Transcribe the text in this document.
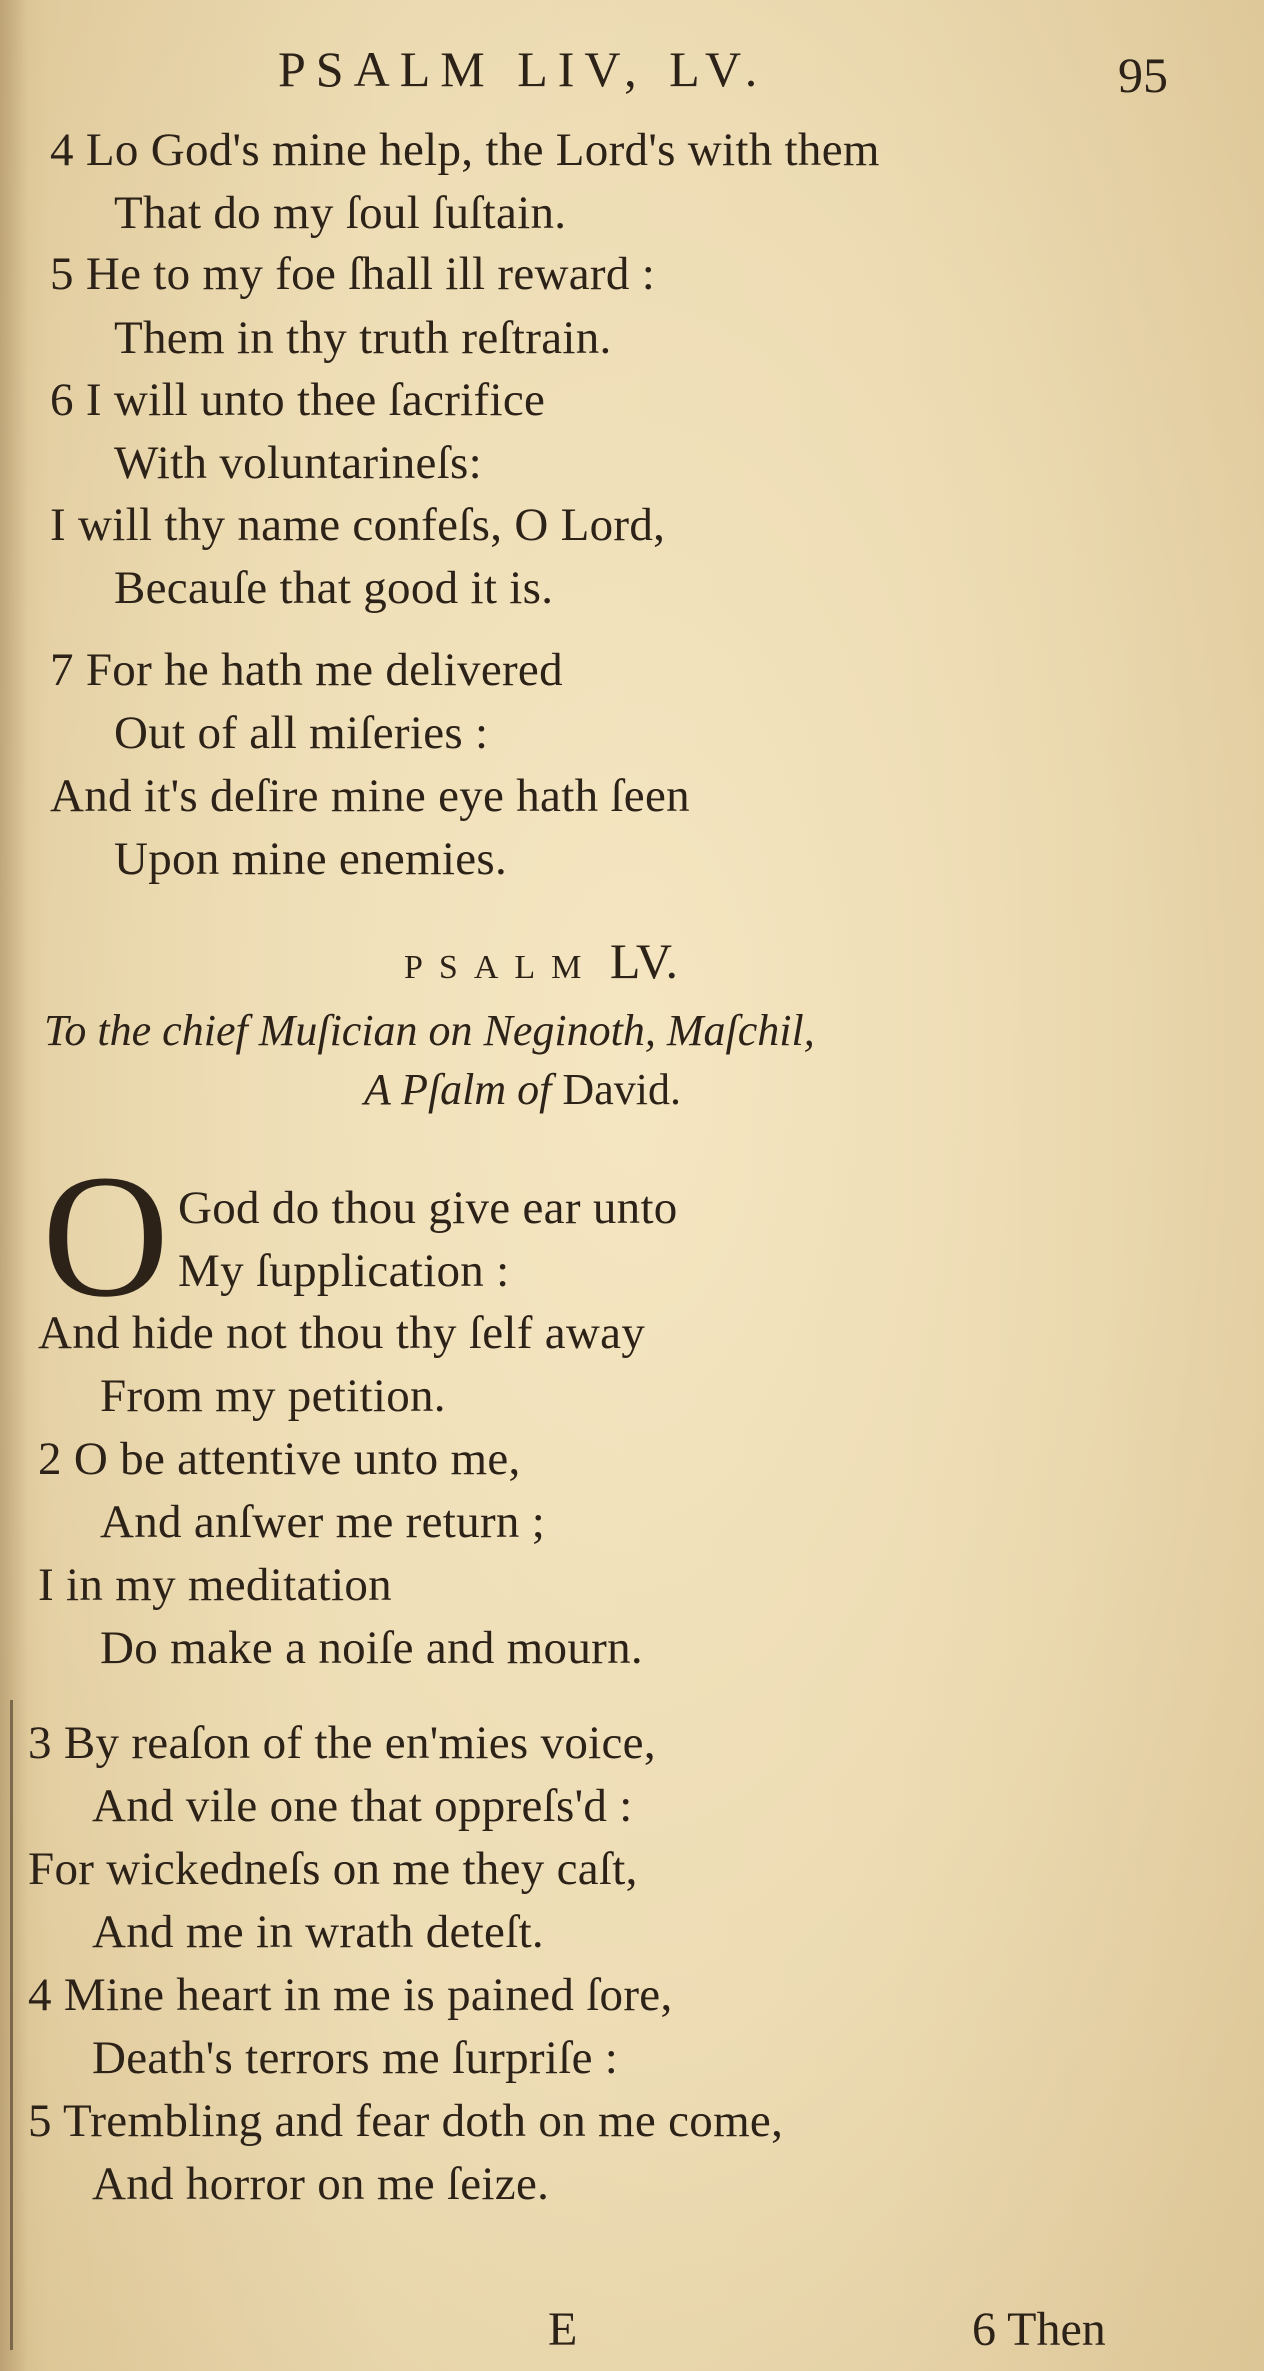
PSALM LIV, LV.	95
4 Lo God's mine help, the Lord's with them
That do my ſoul ſuſtain.
5 He to my foe ſhall ill reward :
Them in thy truth reſtrain.
6 I will unto thee ſacrifice
With voluntarineſs:
I will thy name confeſs, O Lord,
Becauſe that good it is.
7 For he hath me delivered
Out of all miſeries :
And it's deſire mine eye hath ſeen
Upon mine enemies.
PSALM LV.
To the chief Muſician on Neginoth, Maſchil,
A Pſalm of David.
O God do thou give ear unto
My ſupplication :
And hide not thou thy ſelf away
From my petition.
2 O be attentive unto me,
And anſwer me return ;
I in my meditation
Do make a noiſe and mourn.
3 By reaſon of the en'mies voice,
And vile one that oppreſs'd :
For wickedneſs on me they caſt,
And me in wrath deteſt.
4 Mine heart in me is pained ſore,
Death's terrors me ſurpriſe :
5 Trembling and fear doth on me come,
And horror on me ſeize.
E	6 Then
